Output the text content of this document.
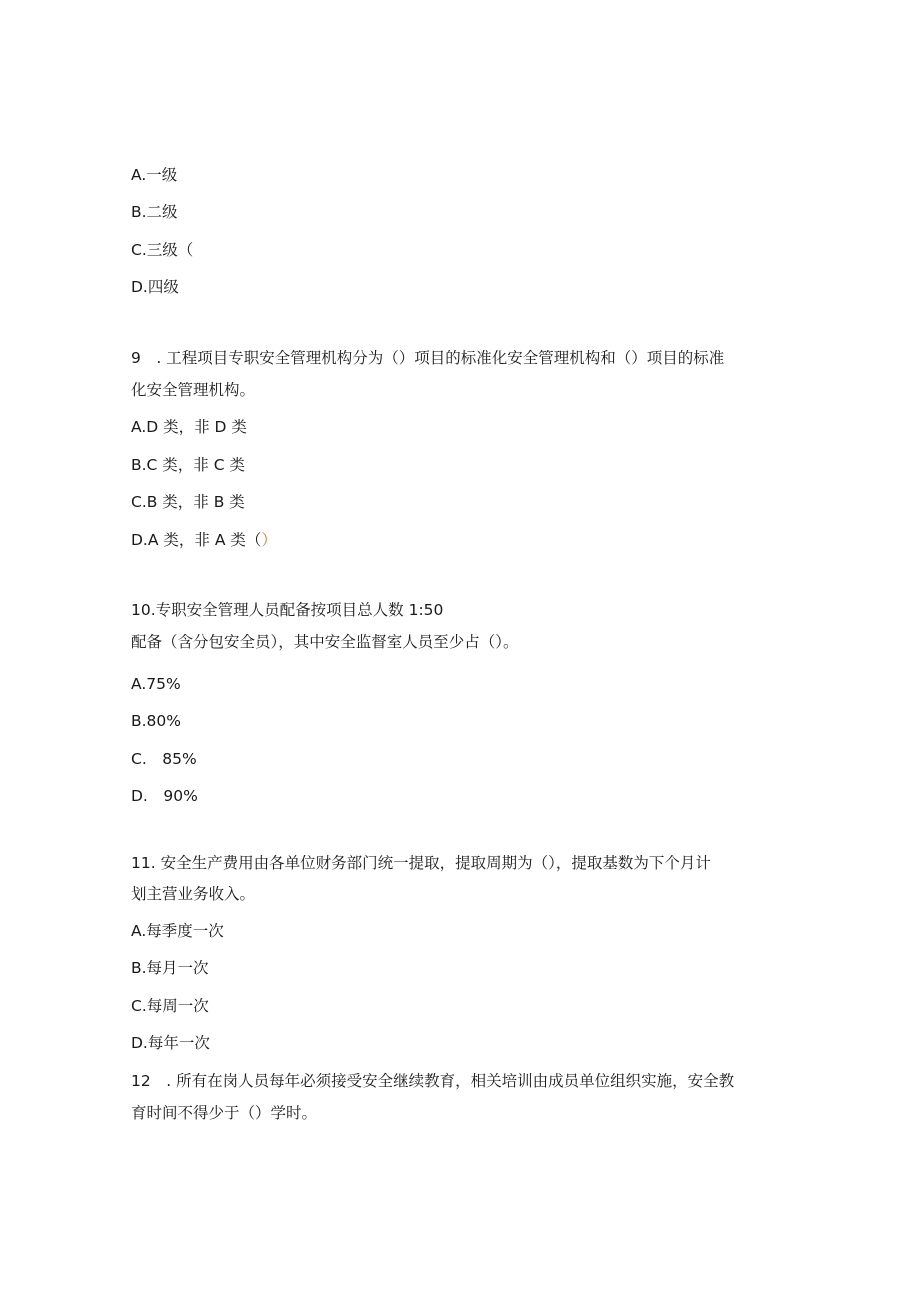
A.一级
B.二级
C.三级（
D.四级
9　. 工程项目专职安全管理机构分为（）项目的标准化安全管理机构和（）项目的标准
化安全管理机构。
A.D 类，非 D 类
B.C 类，非 C 类
C.B 类，非 B 类
D.A 类，非 A 类（）
10.专职安全管理人员配备按项目总人数 1:50
配备（含分包安全员），其中安全监督室人员至少占（）。
A.75%
B.80%
C.　85%
D.　90%
11. 安全生产费用由各单位财务部门统一提取，提取周期为（），提取基数为下个月计
划主营业务收入。
A.每季度一次
B.每月一次
C.每周一次
D.每年一次
12　. 所有在岗人员每年必须接受安全继续教育，相关培训由成员单位组织实施，安全教
育时间不得少于（）学时。
